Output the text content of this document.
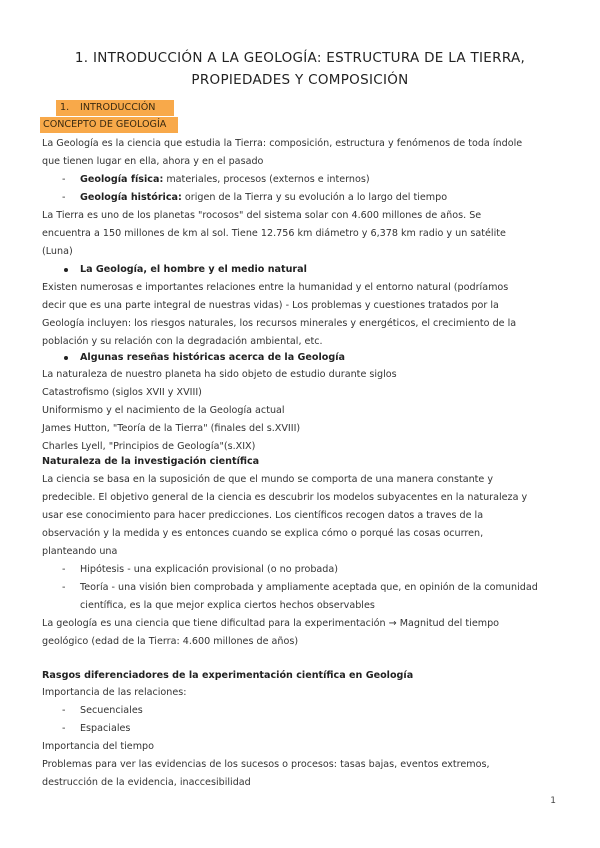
1. INTRODUCCIÓN A LA GEOLOGÍA: ESTRUCTURA DE LA TIERRA,
PROPIEDADES Y COMPOSICIÓN
1. INTRODUCCIÓN
CONCEPTO DE GEOLOGÍA
La Geología es la ciencia que estudia la Tierra: composición, estructura y fenómenos de toda índole
que tienen lugar en ella, ahora y en el pasado
- Geología física: materiales, procesos (externos e internos)
- Geología histórica: origen de la Tierra y su evolución a lo largo del tiempo
La Tierra es uno de los planetas "rocosos" del sistema solar con 4.600 millones de años. Se
encuentra a 150 millones de km al sol. Tiene 12.756 km diámetro y 6,378 km radio y un satélite
(Luna)
La Geología, el hombre y el medio natural
Existen numerosas e importantes relaciones entre la humanidad y el entorno natural (podríamos
decir que es una parte integral de nuestras vidas) - Los problemas y cuestiones tratados por la
Geología incluyen: los riesgos naturales, los recursos minerales y energéticos, el crecimiento de la
población y su relación con la degradación ambiental, etc.
Algunas reseñas históricas acerca de la Geología
La naturaleza de nuestro planeta ha sido objeto de estudio durante siglos
Catastrofismo (siglos XVII y XVIII)
Uniformismo y el nacimiento de la Geología actual
James Hutton, "Teoría de la Tierra" (finales del s.XVIII)
Charles Lyell, "Principios de Geología"(s.XIX)
Naturaleza de la investigación científica
La ciencia se basa en la suposición de que el mundo se comporta de una manera constante y
predecible. El objetivo general de la ciencia es descubrir los modelos subyacentes en la naturaleza y
usar ese conocimiento para hacer predicciones. Los científicos recogen datos a traves de la
observación y la medida y es entonces cuando se explica cómo o porqué las cosas ocurren,
planteando una
- Hipótesis - una explicación provisional (o no probada)
- Teoría - una visión bien comprobada y ampliamente aceptada que, en opinión de la comunidad
científica, es la que mejor explica ciertos hechos observables
La geología es una ciencia que tiene dificultad para la experimentación → Magnitud del tiempo
geológico (edad de la Tierra: 4.600 millones de años)
Rasgos diferenciadores de la experimentación científica en Geología
Importancia de las relaciones:
- Secuenciales
- Espaciales
Importancia del tiempo
Problemas para ver las evidencias de los sucesos o procesos: tasas bajas, eventos extremos,
destrucción de la evidencia, inaccesibilidad
1
